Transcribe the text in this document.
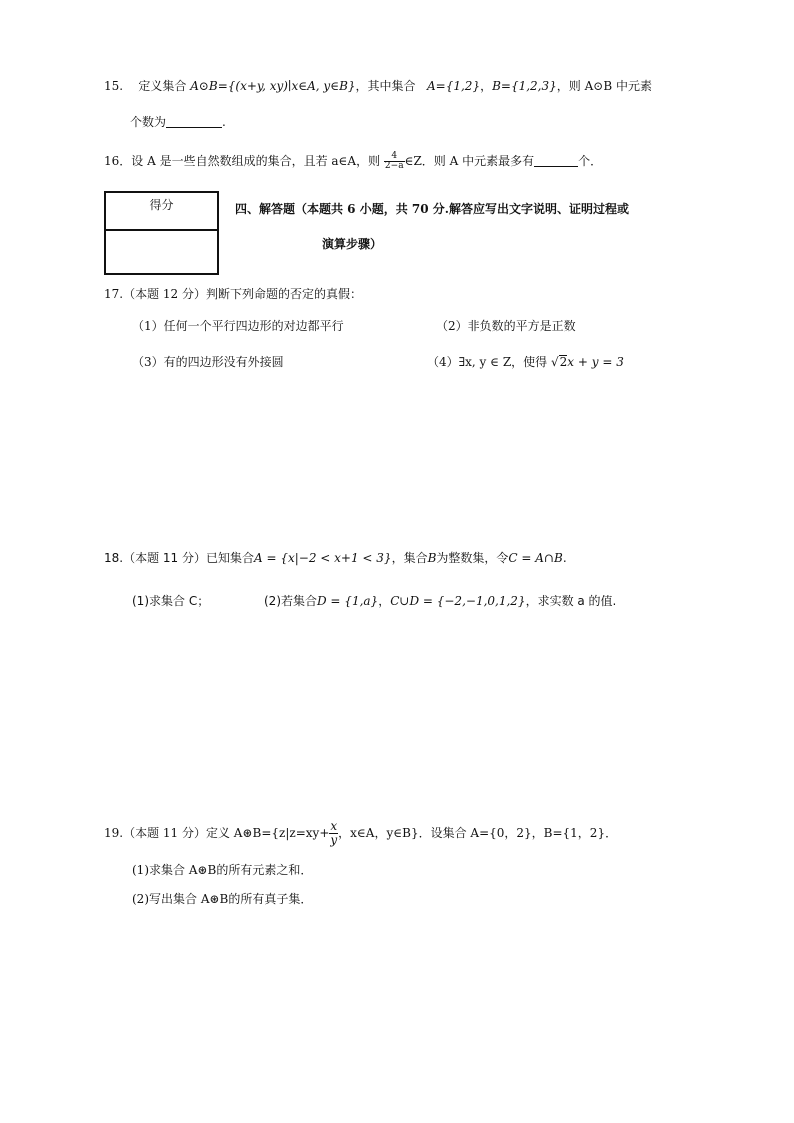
15. 定义集合 A⊙B={(x+y, xy)∣x∈A, y∈B}，其中集合 A={1,2}，B={1,2,3}，则 A⊙B 中元素
个数为	.
16．设 A 是一些自然数组成的集合，且若 a∈A，则 $\frac{4}{2-a}$ ∈Z．则 A 中元素最多有	个．
得分	四、解答题（本题共 6 小题，共 70 分.解答应写出文字说明、证明过程或
演算步骤）
17.（本题 12 分）判断下列命题的否定的真假：
（1）任何一个平行四边形的对边都平行	（2）非负数的平方是正数
（3）有的四边形没有外接圆	（4）∃x, y ∈ Z，使得 √2x + y = 3
18.（本题 11 分）已知集合A = {x|−2 < x+1 < 3}，集合B为整数集，令C = A∩B.
(1)求集合 C；	(2)若集合D = {1,a}，C∪D = {−2,−1,0,1,2}，求实数 a 的值.
19.（本题 11 分）定义 A⊛B={z|z=xy+ $\frac{x}{y}$ ，x∈A，y∈B}．设集合 A={0，2}，B={1，2}．
(1)求集合 A⊛B的所有元素之和．
(2)写出集合 A⊛B的所有真子集．
